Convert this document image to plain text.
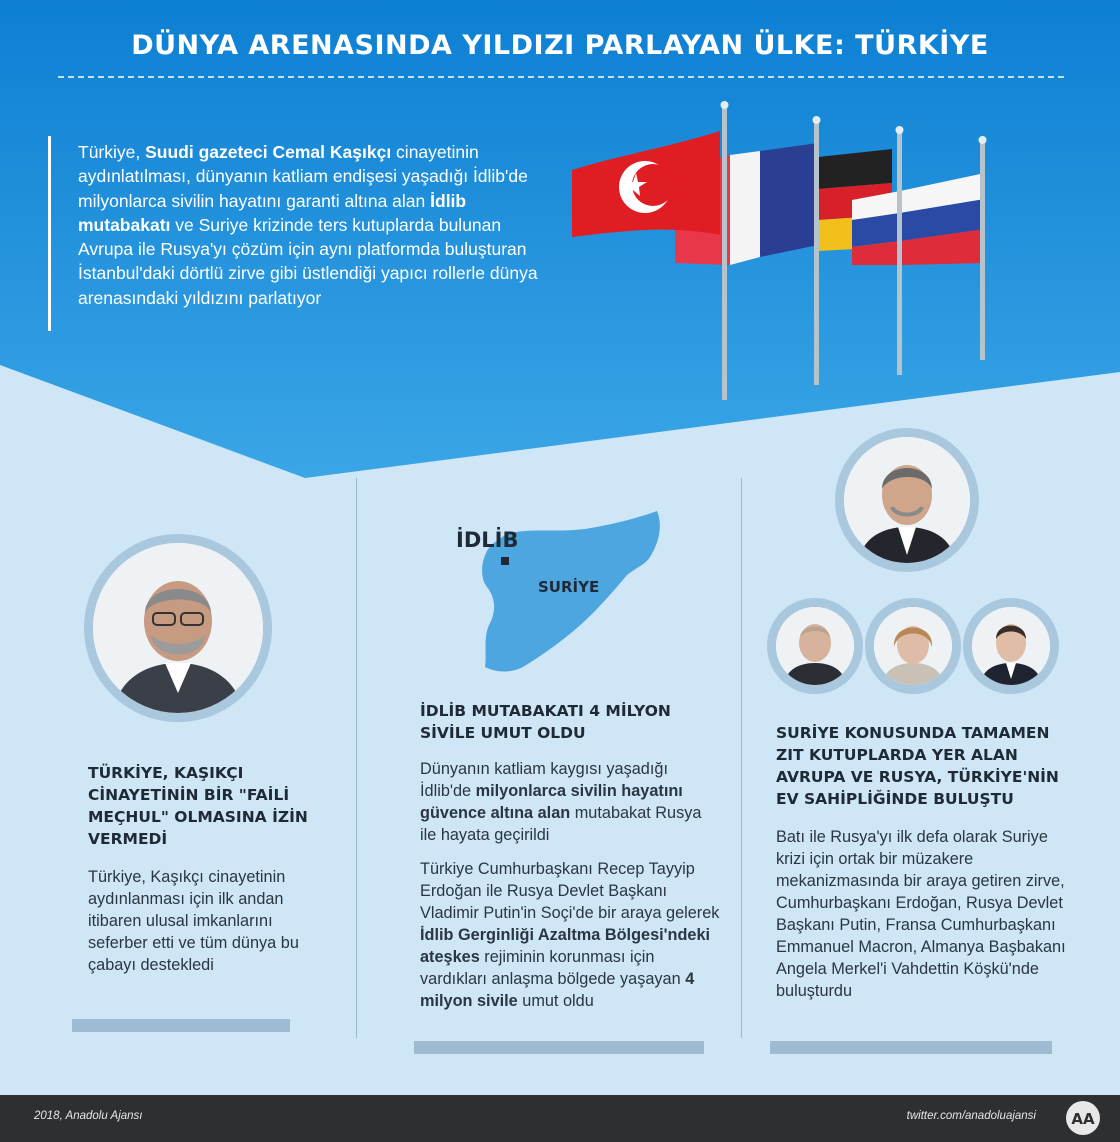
DÜNYA ARENASINDA YILDIZI PARLAYAN ÜLKE: TÜRKİYE
Türkiye, Suudi gazeteci Cemal Kaşıkçı cinayetinin aydınlatılması, dünyanın katliam endişesi yaşadığı İdlib'de milyonlarca sivilin hayatını garanti altına alan İdlib mutabakatı ve Suriye krizinde ters kutuplarda bulunan Avrupa ile Rusya'yı çözüm için aynı platformda buluşturan İstanbul'daki dörtlü zirve gibi üstlendiği yapıcı rollerle dünya arenasındaki yıldızını parlatıyor
TÜRKİYE, KAŞIKÇI CİNAYETİNİN BİR "FAİLİ MEÇHUL" OLMASINA İZİN VERMEDİ

Türkiye, Kaşıkçı cinayetinin aydınlanması için ilk andan itibaren ulusal imkanlarını seferber etti ve tüm dünya bu çabayı destekledi

İDLİB
SURİYE
İDLİB MUTABAKATI 4 MİLYON SİVİLE UMUT OLDU

Dünyanın katliam kaygısı yaşadığı İdlib'de milyonlarca sivilin hayatını güvence altına alan mutabakat Rusya ile hayata geçirildi

Türkiye Cumhurbaşkanı Recep Tayyip Erdoğan ile Rusya Devlet Başkanı Vladimir Putin'in Soçi'de bir araya gelerek İdlib Gerginliği Azaltma Bölgesi'ndeki ateşkes rejiminin korunması için vardıkları anlaşma bölgede yaşayan 4 milyon sivile umut oldu

SURİYE KONUSUNDA TAMAMEN ZIT KUTUPLARDA YER ALAN AVRUPA VE RUSYA, TÜRKİYE'NİN EV SAHİPLİĞİNDE BULUŞTU

Batı ile Rusya'yı ilk defa olarak Suriye krizi için ortak bir müzakere mekanizmasında bir araya getiren zirve, Cumhurbaşkanı Erdoğan, Rusya Devlet Başkanı Putin, Fransa Cumhurbaşkanı Emmanuel Macron, Almanya Başbakanı Angela Merkel'i Vahdettin Köşkü'nde buluşturdu

2018, Anadolu Ajansı	twitter.com/anadoluajansi AA
